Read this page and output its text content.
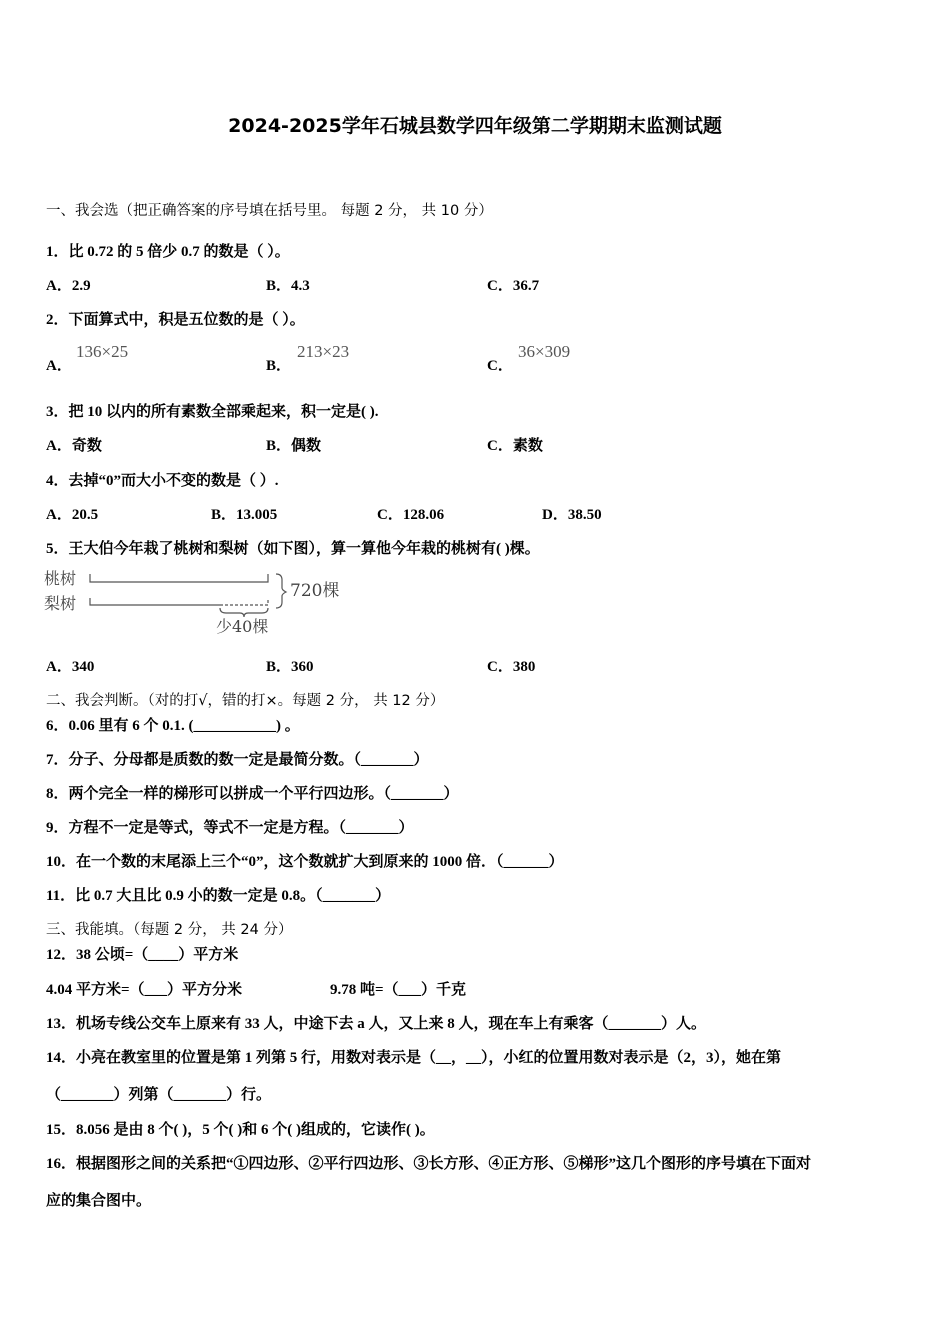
2024-2025学年石城县数学四年级第二学期期末监测试题
一、我会选（把正确答案的序号填在括号里。 每题 2 分， 共 10 分）
1．比 0.72 的 5 倍少 0.7 的数是（ ）。
A．2.9	B．4.3	C．36.7
2．下面算式中，积是五位数的是（ ）。
A．
136×25
B．
213×23
C．
36×309
3．把 10 以内的所有素数全部乘起来，积一定是( ).
A．奇数	B．偶数	C．素数
4．去掉“0”而大小不变的数是（ ）.
A．20.5	B．13.005	C．128.06	D．38.50
5．王大伯今年栽了桃树和梨树（如下图），算一算他今年栽的桃树有( )棵。
桃树
梨树
720棵
少40棵
A．340	B．360	C．380
二、我会判断。（对的打√，错的打×。每题 2 分， 共 12 分）
6．0.06 里有 6 个 0.1. (___________) 。
7．分子、分母都是质数的数一定是最简分数。（_______）
8．两个完全一样的梯形可以拼成一个平行四边形。（_______）
9．方程不一定是等式，等式不一定是方程。（_______）
10．在一个数的末尾添上三个“0”，这个数就扩大到原来的 1000 倍．（______）
11．比 0.7 大且比 0.9 小的数一定是 0.8。（_______）
三、我能填。（每题 2 分， 共 24 分）
12．38 公顷=（____）平方米
4.04 平方米=（___）平方分米	9.78 吨=（___）千克
13．机场专线公交车上原来有 33 人，中途下去 a 人，又上来 8 人，现在车上有乘客（_______）人。
14．小亮在教室里的位置是第 1 列第 5 行，用数对表示是（__，__），小红的位置用数对表示是（2，3），她在第
（_______）列第（_______）行。
15．8.056 是由 8 个( )，5 个( )和 6 个( )组成的，它读作( )。
16．根据图形之间的关系把“①四边形、②平行四边形、③长方形、④正方形、⑤梯形”这几个图形的序号填在下面对
应的集合图中。
